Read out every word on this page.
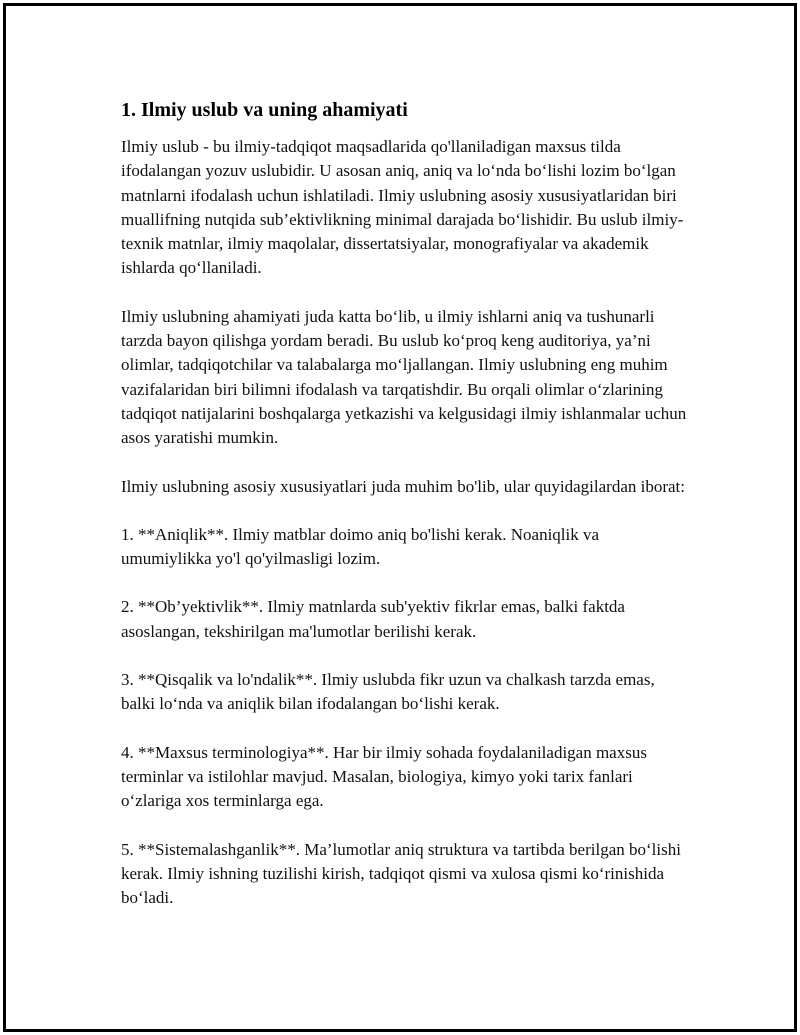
1. Ilmiy uslub va uning ahamiyati

Ilmiy uslub - bu ilmiy-tadqiqot maqsadlarida qo'llaniladigan maxsus tilda ifodalangan yozuv uslubidir. U asosan aniq, aniq va lo‘nda bo‘lishi lozim bo‘lgan matnlarni ifodalash uchun ishlatiladi. Ilmiy uslubning asosiy xususiyatlaridan biri muallifning nutqida sub’ektivlikning minimal darajada bo‘lishidir. Bu uslub ilmiy-texnik matnlar, ilmiy maqolalar, dissertatsiyalar, monografiyalar va akademik ishlarda qo‘llaniladi.

Ilmiy uslubning ahamiyati juda katta bo‘lib, u ilmiy ishlarni aniq va tushunarli tarzda bayon qilishga yordam beradi. Bu uslub ko‘proq keng auditoriya, ya’ni olimlar, tadqiqotchilar va talabalarga mo‘ljallangan. Ilmiy uslubning eng muhim vazifalaridan biri bilimni ifodalash va tarqatishdir. Bu orqali olimlar o‘zlarining tadqiqot natijalarini boshqalarga yetkazishi va kelgusidagi ilmiy ishlanmalar uchun asos yaratishi mumkin.

Ilmiy uslubning asosiy xususiyatlari juda muhim bo'lib, ular quyidagilardan iborat:

1. **Aniqlik**. Ilmiy matblar doimo aniq bo'lishi kerak. Noaniqlik va umumiylikka yo'l qo'yilmasligi lozim.

2. **Ob’yektivlik**. Ilmiy matnlarda sub'yektiv fikrlar emas, balki faktda asoslangan, tekshirilgan ma'lumotlar berilishi kerak.

3. **Qisqalik va lo'ndalik**. Ilmiy uslubda fikr uzun va chalkash tarzda emas, balki lo‘nda va aniqlik bilan ifodalangan bo‘lishi kerak.

4. **Maxsus terminologiya**. Har bir ilmiy sohada foydalaniladigan maxsus terminlar va istilohlar mavjud. Masalan, biologiya, kimyo yoki tarix fanlari o‘zlariga xos terminlarga ega.

5. **Sistemalashganlik**. Ma’lumotlar aniq struktura va tartibda berilgan bo‘lishi kerak. Ilmiy ishning tuzilishi kirish, tadqiqot qismi va xulosa qismi ko‘rinishida bo‘ladi.
